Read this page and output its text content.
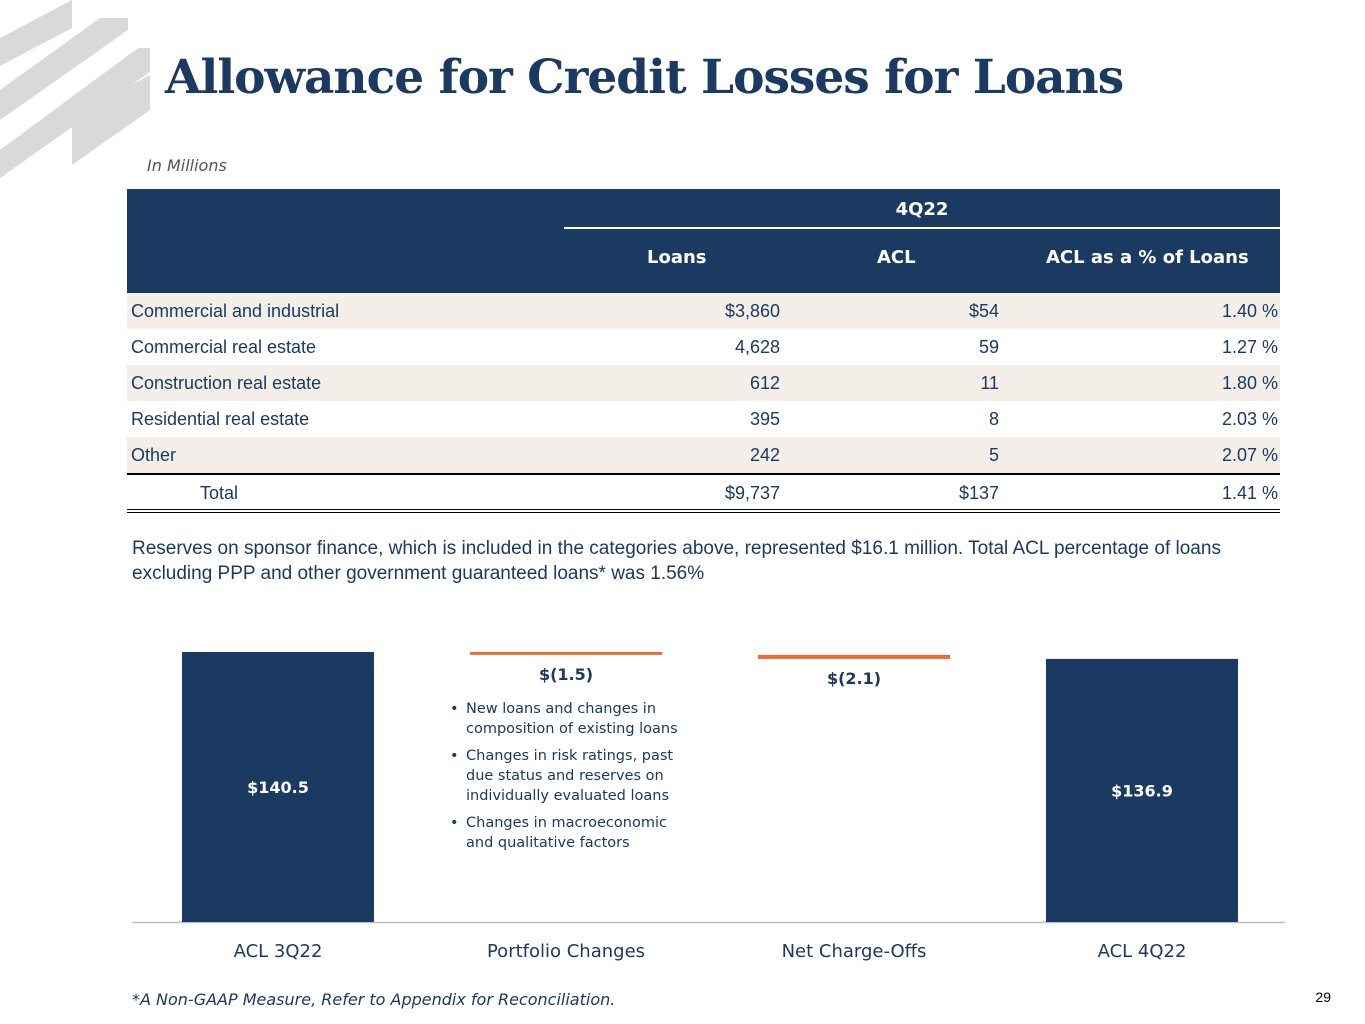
Allowance for Credit Losses for Loans
In Millions
4Q22
Loans	ACL	ACL as a % of Loans
Commercial and industrial	$3,860	$54	1.40 %
Commercial real estate	4,628	59	1.27 %
Construction real estate	612	11	1.80 %
Residential real estate	395	8	2.03 %
Other	242	5	2.07 %
Total	$9,737	$137	1.41 %
Reserves on sponsor finance, which is included in the categories above, represented $16.1 million. Total ACL percentage of loans excluding PPP and other government guaranteed loans* was 1.56%
$140.5
ACL 3Q22
$(1.5)
Portfolio Changes
$(2.1)
Net Charge-Offs
$136.9
ACL 4Q22
• New loans and changes in composition of existing loans
• Changes in risk ratings, past due status and reserves on individually evaluated loans
• Changes in macroeconomic and qualitative factors
*A Non-GAAP Measure, Refer to Appendix for Reconciliation.	29
